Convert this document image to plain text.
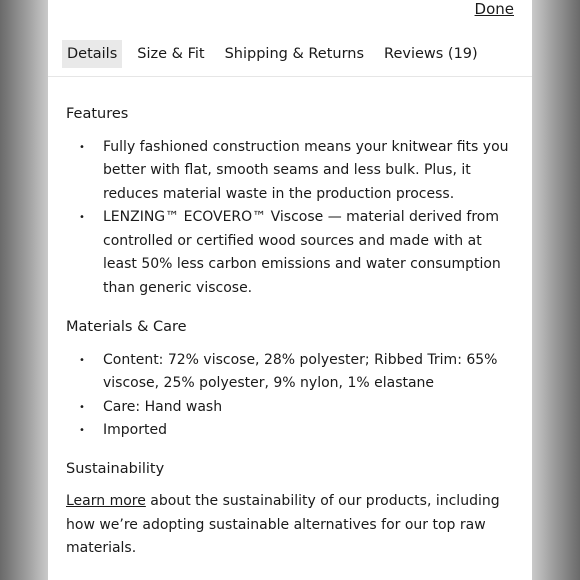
Done
Details	Size & Fit	Shipping & Returns	Reviews (19)
Features
• Fully fashioned construction means your knitwear fits you better with flat, smooth seams and less bulk. Plus, it reduces material waste in the production process.
• LENZING™ ECOVERO™ Viscose — material derived from controlled or certified wood sources and made with at least 50% less carbon emissions and water consumption than generic viscose.
Materials & Care
• Content: 72% viscose, 28% polyester; Ribbed Trim: 65% viscose, 25% polyester, 9% nylon, 1% elastane
• Care: Hand wash
• Imported
Sustainability
Learn more about the sustainability of our products, including how we’re adopting sustainable alternatives for our top raw materials.
